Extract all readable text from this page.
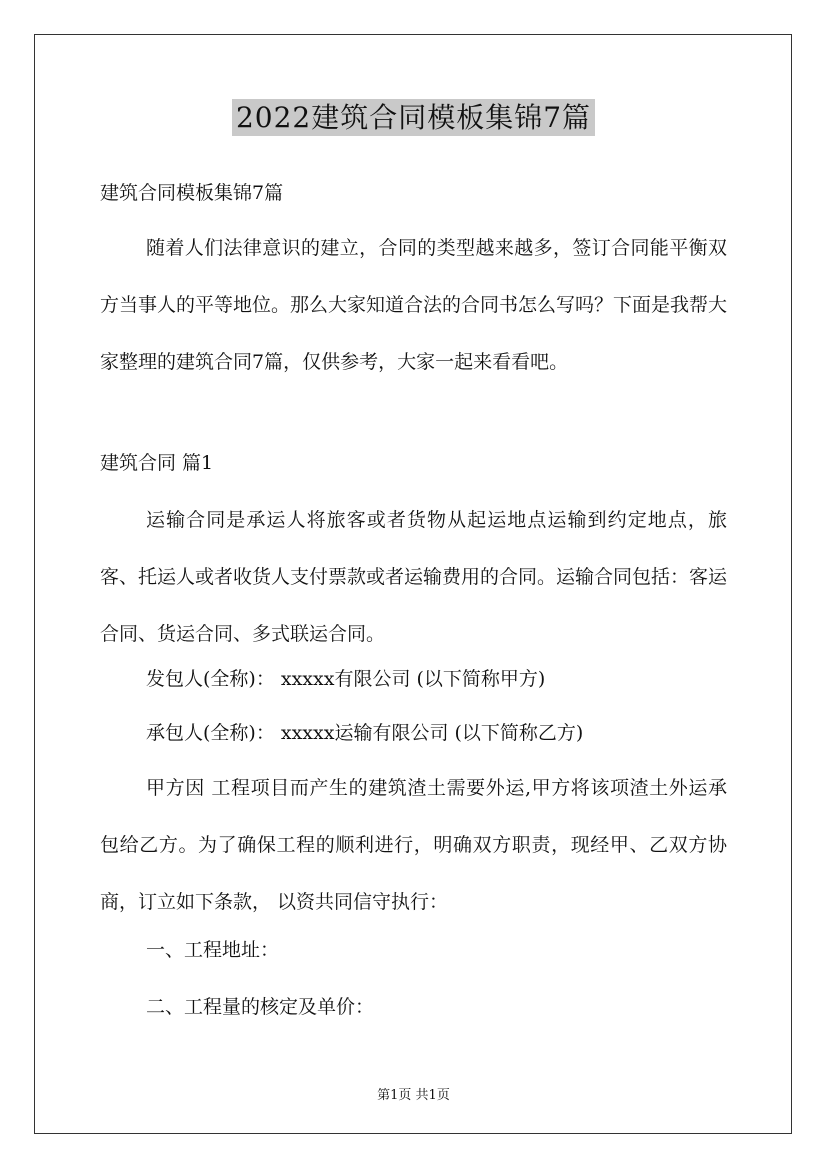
2022建筑合同模板集锦7篇

建筑合同模板集锦7篇

随着人们法律意识的建立，合同的类型越来越多，签订合同能平衡双方当事人的平等地位。那么大家知道合法的合同书怎么写吗？下面是我帮大家整理的建筑合同7篇，仅供参考，大家一起来看看吧。

建筑合同 篇1

运输合同是承运人将旅客或者货物从起运地点运输到约定地点，旅客、托运人或者收货人支付票款或者运输费用的合同。运输合同包括：客运合同、货运合同、多式联运合同。

发包人(全称)： xxxxx有限公司 (以下简称甲方)

承包人(全称)： xxxxx运输有限公司 (以下简称乙方)

甲方因 工程项目而产生的建筑渣土需要外运,甲方将该项渣土外运承包给乙方。为了确保工程的顺利进行，明确双方职责，现经甲、乙双方协商，订立如下条款， 以资共同信守执行：

一、工程地址：

二、工程量的核定及单价：

第1页 共1页
